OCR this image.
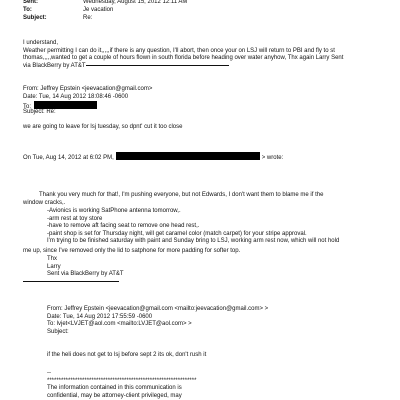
Sent:	Wednesday, August 15, 2012 12:11 AM
To:	Je vacation
Subject:	Re:
I understand,
Weather permitting I can do it,,,,,if there is any question, I'll abort, then once your on LSJ will return to PBI and fly to st
thomas,,,,,wanted to get a couple of hours flown in south florida before heading over water anyhow, Thx again Larry Sent
via BlackBerry by AT&T
From: Jeffrey Epstein <jeevacation@gmail.com>
Date: Tue, 14 Aug 2012 18:08:46 -0600
To:
Subject: Re:
we are going to leave for lsj tuesday, so dpnt' cut it too close
On Tue, Aug 14, 2012 at 6:02 PM,	> wrote:
Thank you very much for that!, I'm pushing everyone, but not Edwards, I don't want them to blame me if the
window cracks,.
-Avionics is working SatPhone antenna tomorrow,.
-arm rest at toy store
-have to remove aft facing seat to remove one head rest,.
-paint shop is set for Thursday night, will get caramel color (match carpet) for your stripe approval.
I'm trying to be finished saturday with paint and Sunday bring to LSJ, working arm rest now, which will not hold
me up, since I've removed only the lid to satphone for more padding for softer top.
Thx
Larry
Sent via BlackBerry by AT&T
From: Jeffrey Epstein <jeevacation@gmail.com <mailto:jeevacation@gmail.com> >
Date: Tue, 14 Aug 2012 17:55:59 -0600
To: lvjet<LVJET@aol.com <mailto:LVJET@aol.com> >
Subject:
if the heli does not get to lsj before sept 2 its ok, don't rush it
--
****************************************************************
The information contained in this communication is
confidential, may be attorney-client privileged, may
